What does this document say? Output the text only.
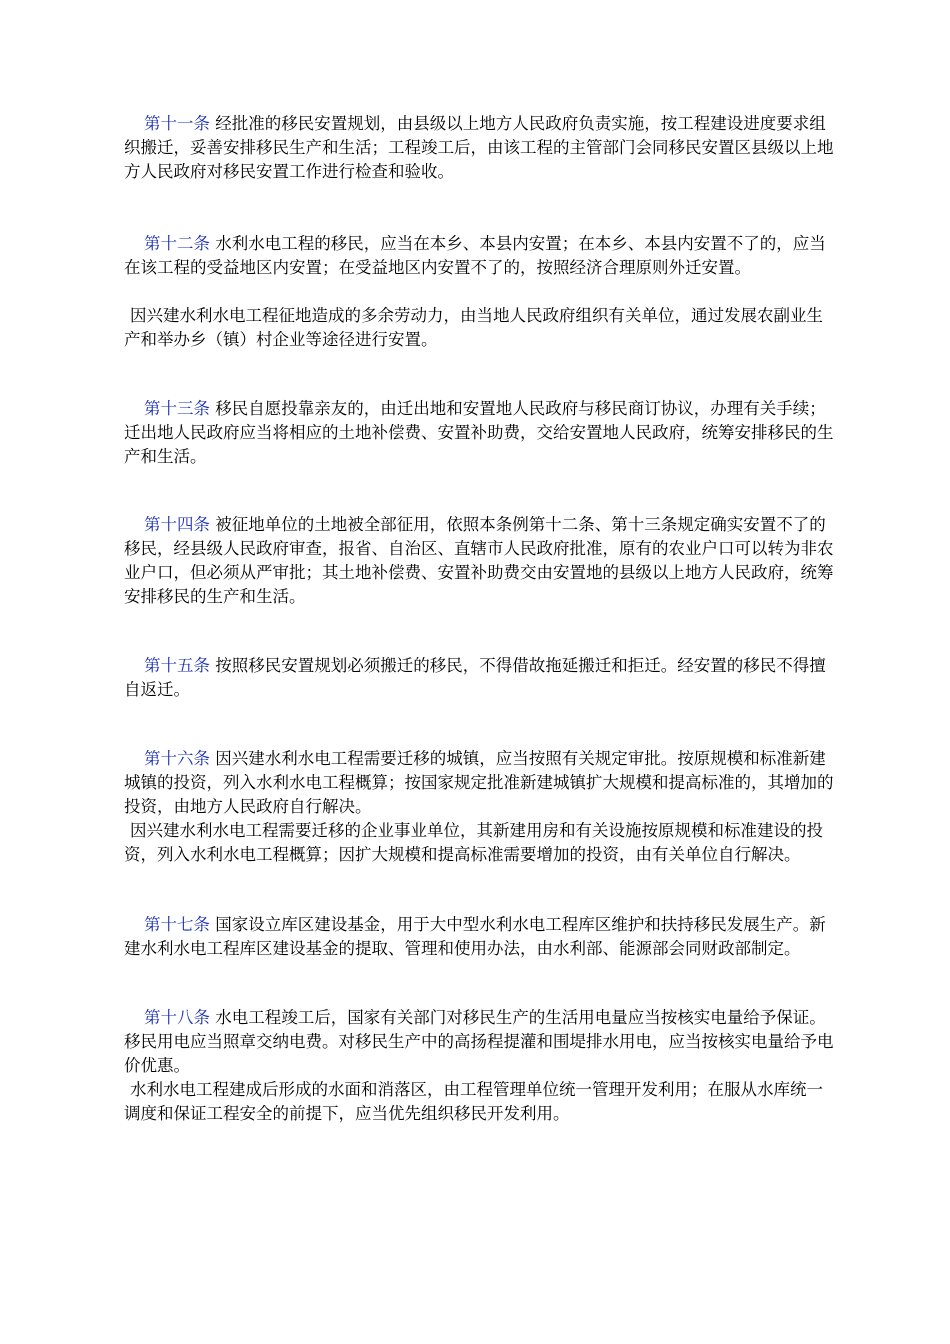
第十一条 经批准的移民安置规划，由县级以上地方人民政府负责实施，按工程建设进度要求组织搬迁，妥善安排移民生产和生活；工程竣工后，由该工程的主管部门会同移民安置区县级以上地方人民政府对移民安置工作进行检查和验收。

第十二条 水利水电工程的移民，应当在本乡、本县内安置；在本乡、本县内安置不了的，应当在该工程的受益地区内安置；在受益地区内安置不了的，按照经济合理原则外迁安置。

因兴建水利水电工程征地造成的多余劳动力，由当地人民政府组织有关单位，通过发展农副业生产和举办乡（镇）村企业等途径进行安置。

第十三条 移民自愿投靠亲友的，由迁出地和安置地人民政府与移民商订协议，办理有关手续；迁出地人民政府应当将相应的土地补偿费、安置补助费，交给安置地人民政府，统筹安排移民的生产和生活。

第十四条 被征地单位的土地被全部征用，依照本条例第十二条、第十三条规定确实安置不了的移民，经县级人民政府审查，报省、自治区、直辖市人民政府批准，原有的农业户口可以转为非农业户口，但必须从严审批；其土地补偿费、安置补助费交由安置地的县级以上地方人民政府，统筹安排移民的生产和生活。

第十五条 按照移民安置规划必须搬迁的移民，不得借故拖延搬迁和拒迁。经安置的移民不得擅自返迁。

第十六条 因兴建水利水电工程需要迁移的城镇，应当按照有关规定审批。按原规模和标准新建城镇的投资，列入水利水电工程概算；按国家规定批准新建城镇扩大规模和提高标准的，其增加的投资，由地方人民政府自行解决。

因兴建水利水电工程需要迁移的企业事业单位，其新建用房和有关设施按原规模和标准建设的投资，列入水利水电工程概算；因扩大规模和提高标准需要增加的投资，由有关单位自行解决。

第十七条 国家设立库区建设基金，用于大中型水利水电工程库区维护和扶持移民发展生产。新建水利水电工程库区建设基金的提取、管理和使用办法，由水利部、能源部会同财政部制定。

第十八条 水电工程竣工后，国家有关部门对移民生产的生活用电量应当按核实电量给予保证。移民用电应当照章交纳电费。对移民生产中的高扬程提灌和围堤排水用电，应当按核实电量给予电价优惠。

水利水电工程建成后形成的水面和消落区，由工程管理单位统一管理开发利用；在服从水库统一调度和保证工程安全的前提下，应当优先组织移民开发利用。
